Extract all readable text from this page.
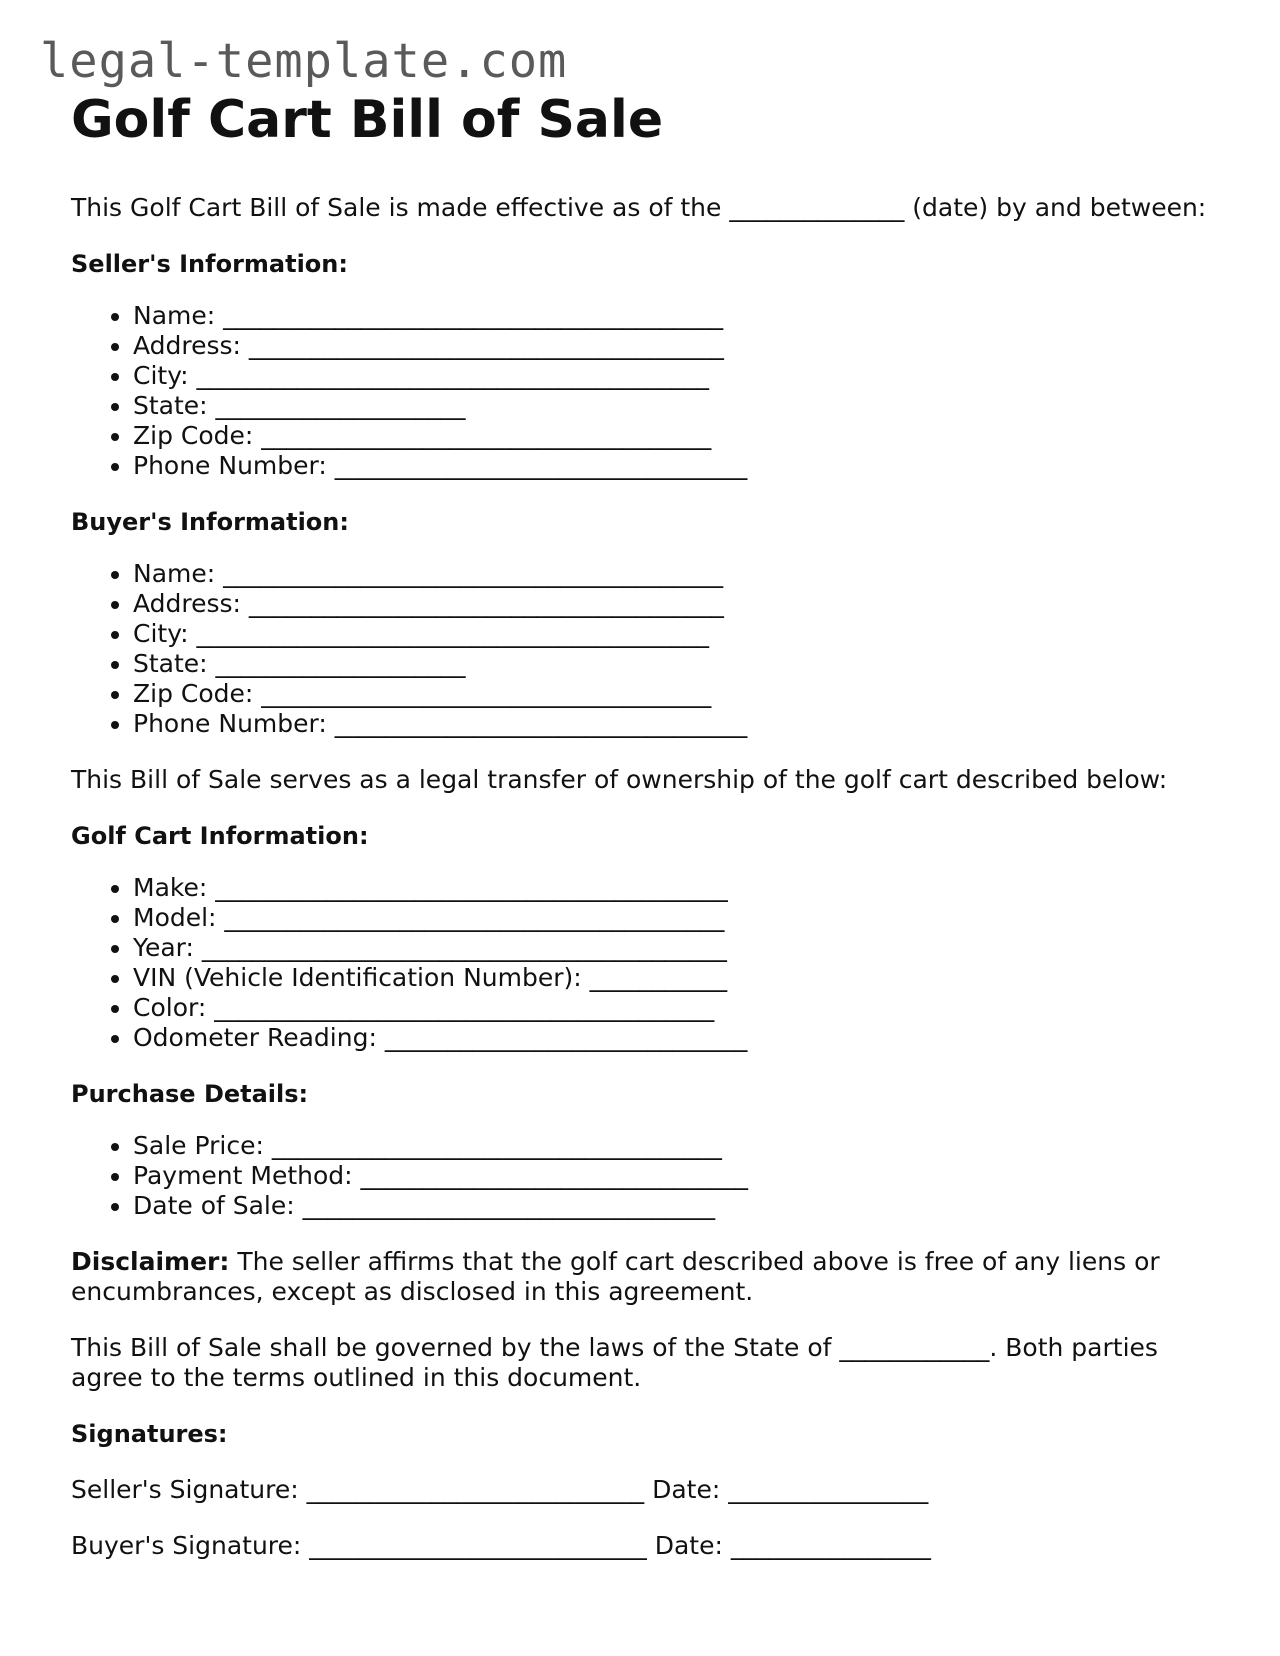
legal-template.com
Golf Cart Bill of Sale

This Golf Cart Bill of Sale is made effective as of the ______________ (date) by and between:

Seller's Information:

• Name: ________________________________________
• Address: ______________________________________
• City: _________________________________________
• State: ____________________
• Zip Code: ____________________________________
• Phone Number: _________________________________

Buyer's Information:

• Name: ________________________________________
• Address: ______________________________________
• City: _________________________________________
• State: ____________________
• Zip Code: ____________________________________
• Phone Number: _________________________________

This Bill of Sale serves as a legal transfer of ownership of the golf cart described below:

Golf Cart Information:

• Make: _________________________________________
• Model: ________________________________________
• Year: __________________________________________
• VIN (Vehicle Identification Number): ___________
• Color: ________________________________________
• Odometer Reading: _____________________________

Purchase Details:

• Sale Price: ____________________________________
• Payment Method: _______________________________
• Date of Sale: _________________________________

Disclaimer: The seller affirms that the golf cart described above is free of any liens or encumbrances, except as disclosed in this agreement.

This Bill of Sale shall be governed by the laws of the State of ____________. Both parties agree to the terms outlined in this document.

Signatures:

Seller's Signature: ___________________________ Date: ________________

Buyer's Signature: ___________________________ Date: ________________
